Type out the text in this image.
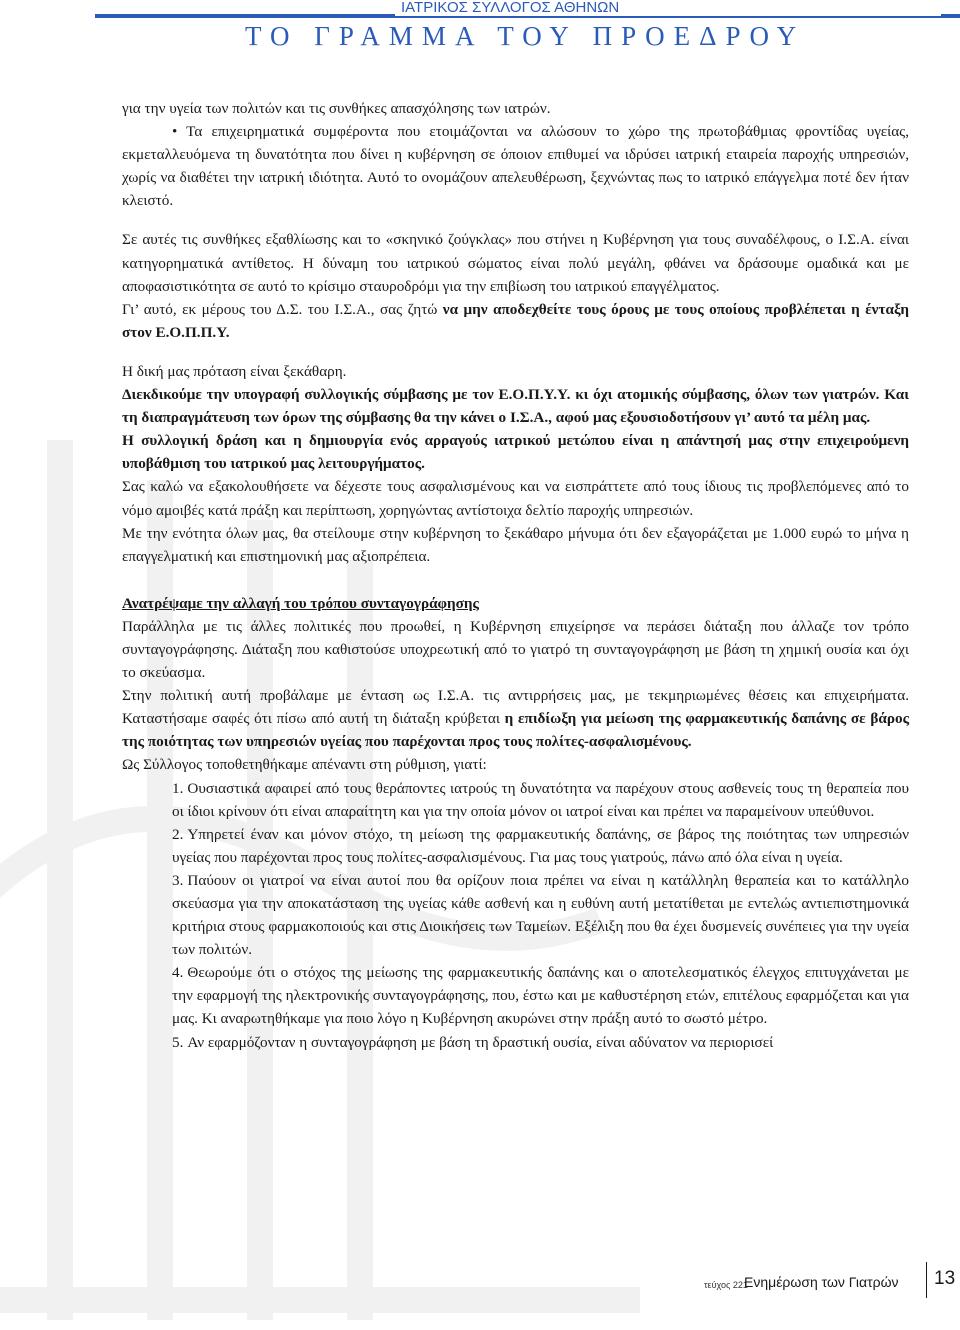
ΙΑΤΡΙΚΟΣ ΣΥΛΛΟΓΟΣ ΑΘΗΝΩΝ
ΤΟ ΓΡΑΜΜΑ ΤΟΥ ΠΡΟΕΔΡΟΥ

για την υγεία των πολιτών και τις συνθήκες απασχόλησης των ιατρών.

• Τα επιχειρηματικά συμφέροντα που ετοιμάζονται να αλώσουν το χώρο της πρωτοβάθμιας φροντίδας υγείας, εκμεταλλευόμενα τη δυνατότητα που δίνει η κυβέρνηση σε όποιον επιθυμεί να ιδρύσει ιατρική εταιρεία παροχής υπηρεσιών, χωρίς να διαθέτει την ιατρική ιδιότητα. Αυτό το ονομάζουν απελευθέρωση, ξεχνώντας πως το ιατρικό επάγγελμα ποτέ δεν ήταν κλειστό.

Σε αυτές τις συνθήκες εξαθλίωσης και το «σκηνικό ζούγκλας» που στήνει η Κυβέρνηση για τους συναδέλφους, ο Ι.Σ.Α. είναι κατηγορηματικά αντίθετος. Η δύναμη του ιατρικού σώματος είναι πολύ μεγάλη, φθάνει να δράσουμε ομαδικά και με αποφασιστικότητα σε αυτό το κρίσιμο σταυροδρόμι για την επιβίωση του ιατρικού επαγγέλματος.

Γι’ αυτό, εκ μέρους του Δ.Σ. του Ι.Σ.Α., σας ζητώ να μην αποδεχθείτε τους όρους με τους οποίους προβλέπεται η ένταξη στον Ε.Ο.Π.Π.Υ.

Η δική μας πρόταση είναι ξεκάθαρη.

Διεκδικούμε την υπογραφή συλλογικής σύμβασης με τον Ε.Ο.Π.Υ.Υ. κι όχι ατομικής σύμβασης, όλων των γιατρών. Και τη διαπραγμάτευση των όρων της σύμβασης θα την κάνει ο Ι.Σ.Α., αφού μας εξουσιοδοτήσουν γι’ αυτό τα μέλη μας.

Η συλλογική δράση και η δημιουργία ενός αρραγούς ιατρικού μετώπου είναι η απάντησή μας στην επιχειρούμενη υποβάθμιση του ιατρικού μας λειτουργήματος.

Σας καλώ να εξακολουθήσετε να δέχεστε τους ασφαλισμένους και να εισπράττετε από τους ίδιους τις προβλεπόμενες από το νόμο αμοιβές κατά πράξη και περίπτωση, χορηγώντας αντίστοιχα δελτίο παροχής υπηρεσιών.

Με την ενότητα όλων μας, θα στείλουμε στην κυβέρνηση το ξεκάθαρο μήνυμα ότι δεν εξαγοράζεται με 1.000 ευρώ το μήνα η επαγγελματική και επιστημονική μας αξιοπρέπεια.

Ανατρέψαμε την αλλαγή του τρόπου συνταγογράφησης

Παράλληλα με τις άλλες πολιτικές που προωθεί, η Κυβέρνηση επιχείρησε να περάσει διάταξη που άλλαζε τον τρόπο συνταγογράφησης. Διάταξη που καθιστούσε υποχρεωτική από το γιατρό τη συνταγογράφηση με βάση τη χημική ουσία και όχι το σκεύασμα.

Στην πολιτική αυτή προβάλαμε με ένταση ως Ι.Σ.Α. τις αντιρρήσεις μας, με τεκμηριωμένες θέσεις και επιχειρήματα. Καταστήσαμε σαφές ότι πίσω από αυτή τη διάταξη κρύβεται η επιδίωξη για μείωση της φαρμακευτικής δαπάνης σε βάρος της ποιότητας των υπηρεσιών υγείας που παρέχονται προς τους πολίτες-ασφαλισμένους.

Ως Σύλλογος τοποθετηθήκαμε απέναντι στη ρύθμιση, γιατί:

1. Ουσιαστικά αφαιρεί από τους θεράποντες ιατρούς τη δυνατότητα να παρέχουν στους ασθενείς τους τη θεραπεία που οι ίδιοι κρίνουν ότι είναι απαραίτητη και για την οποία μόνον οι ιατροί είναι και πρέπει να παραμείνουν υπεύθυνοι.

2. Υπηρετεί έναν και μόνον στόχο, τη μείωση της φαρμακευτικής δαπάνης, σε βάρος της ποιότητας των υπηρεσιών υγείας που παρέχονται προς τους πολίτες-ασφαλισμένους. Για μας τους γιατρούς, πάνω από όλα είναι η υγεία.

3. Παύουν οι γιατροί να είναι αυτοί που θα ορίζουν ποια πρέπει να είναι η κατάλληλη θεραπεία και το κατάλληλο σκεύασμα για την αποκατάσταση της υγείας κάθε ασθενή και η ευθύνη αυτή μετατίθεται με εντελώς αντιεπιστημονικά κριτήρια στους φαρμακοποιούς και στις Διοικήσεις των Ταμείων. Εξέλιξη που θα έχει δυσμενείς συνέπειες για την υγεία των πολιτών.

4. Θεωρούμε ότι ο στόχος της μείωσης της φαρμακευτικής δαπάνης και ο αποτελεσματικός έλεγχος επιτυγχάνεται με την εφαρμογή της ηλεκτρονικής συνταγογράφησης, που, έστω και με καθυστέρηση ετών, επιτέλους εφαρμόζεται και για μας. Κι αναρωτηθήκαμε για ποιο λόγο η Κυβέρνηση ακυρώνει στην πράξη αυτό το σωστό μέτρο.

5. Αν εφαρμόζονταν η συνταγογράφηση με βάση τη δραστική ουσία, είναι αδύνατον να περιορισεί

τεύχος 221
Ενημέρωση των Γιατρών 13
